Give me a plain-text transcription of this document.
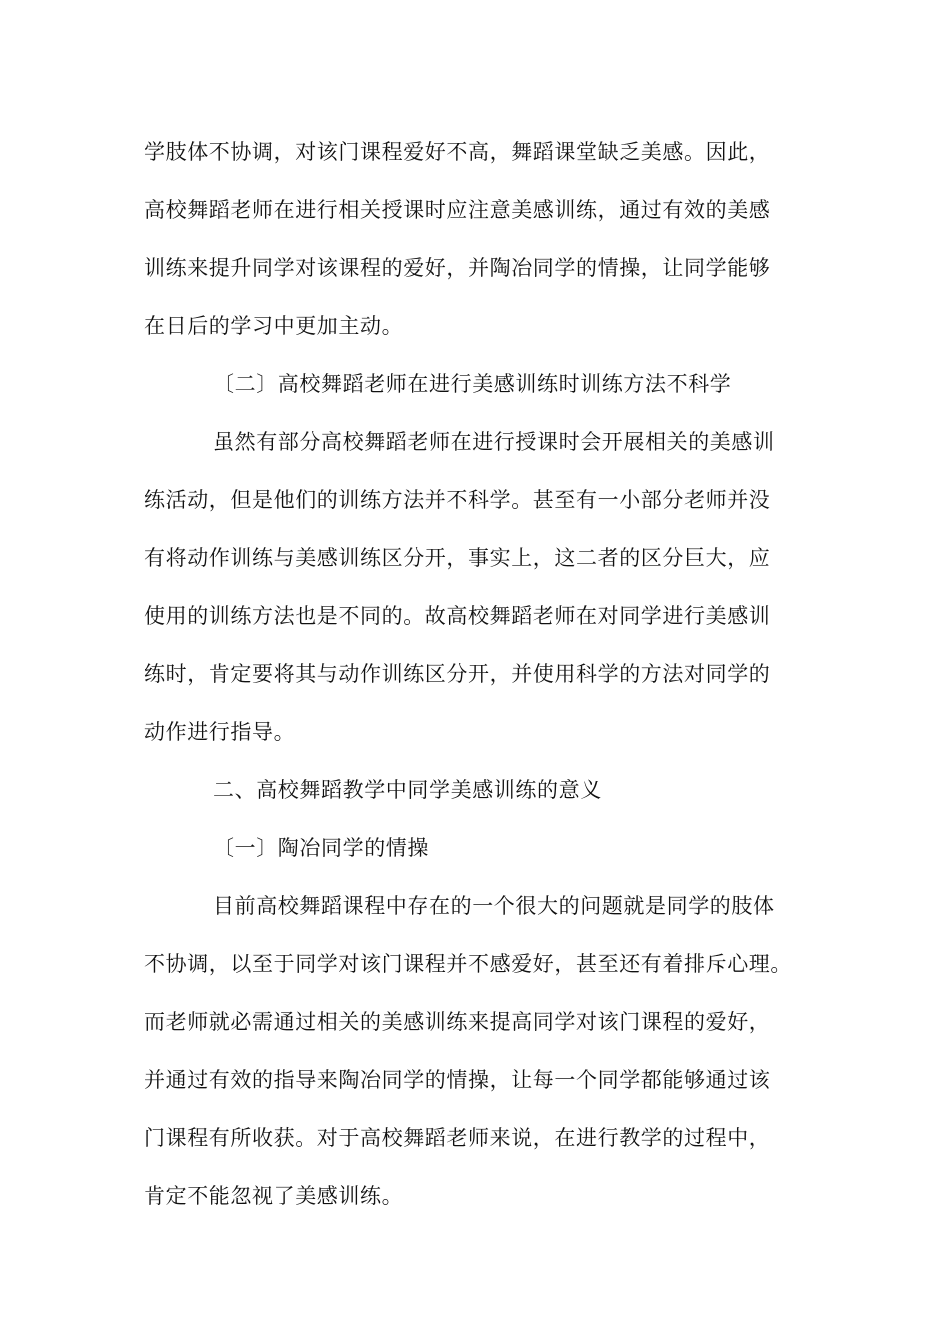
学肢体不协调，对该门课程爱好不高，舞蹈课堂缺乏美感。因此，
高校舞蹈老师在进行相关授课时应注意美感训练，通过有效的美感
训练来提升同学对该课程的爱好，并陶冶同学的情操，让同学能够
在日后的学习中更加主动。
〔二〕高校舞蹈老师在进行美感训练时训练方法不科学
虽然有部分高校舞蹈老师在进行授课时会开展相关的美感训
练活动，但是他们的训练方法并不科学。甚至有一小部分老师并没
有将动作训练与美感训练区分开，事实上，这二者的区分巨大，应
使用的训练方法也是不同的。故高校舞蹈老师在对同学进行美感训
练时，肯定要将其与动作训练区分开，并使用科学的方法对同学的
动作进行指导。
二、高校舞蹈教学中同学美感训练的意义
〔一〕陶冶同学的情操
目前高校舞蹈课程中存在的一个很大的问题就是同学的肢体
不协调，以至于同学对该门课程并不感爱好，甚至还有着排斥心理。
而老师就必需通过相关的美感训练来提高同学对该门课程的爱好，
并通过有效的指导来陶冶同学的情操，让每一个同学都能够通过该
门课程有所收获。对于高校舞蹈老师来说，在进行教学的过程中，
肯定不能忽视了美感训练。
